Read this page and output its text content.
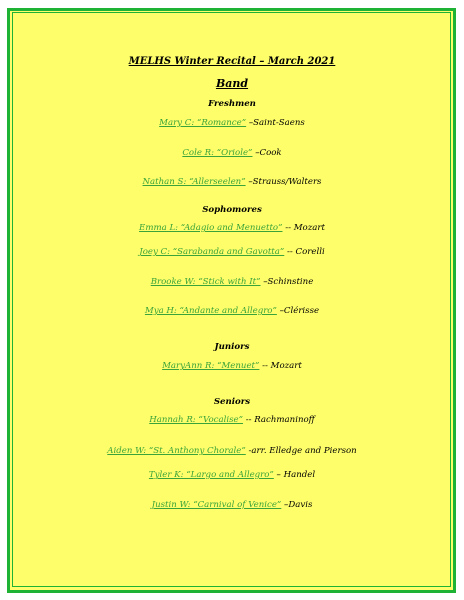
MELHS Winter Recital – March 2021
Band
Freshmen
Mary C: “Romance” –Saint-Saens
Cole R: “Oriole” –Cook
Nathan S: “Allerseelen” –Strauss/Walters
Sophomores
Emma L: “Adagio and Menuetto” -- Mozart
Joey C: “Sarabanda and Gavotta” -- Corelli
Brooke W: “Stick with It” –Schinstine
Mya H: “Andante and Allegro” –Clérisse
Juniors
MaryAnn R: “Menuet” -- Mozart
Seniors
Hannah R: “Vocalise” -- Rachmaninoff
Aiden W: “St. Anthony Chorale” -arr. Elledge and Pierson
Tyler K: “Largo and Allegro” – Handel
Justin W: “Carnival of Venice” –Davis
